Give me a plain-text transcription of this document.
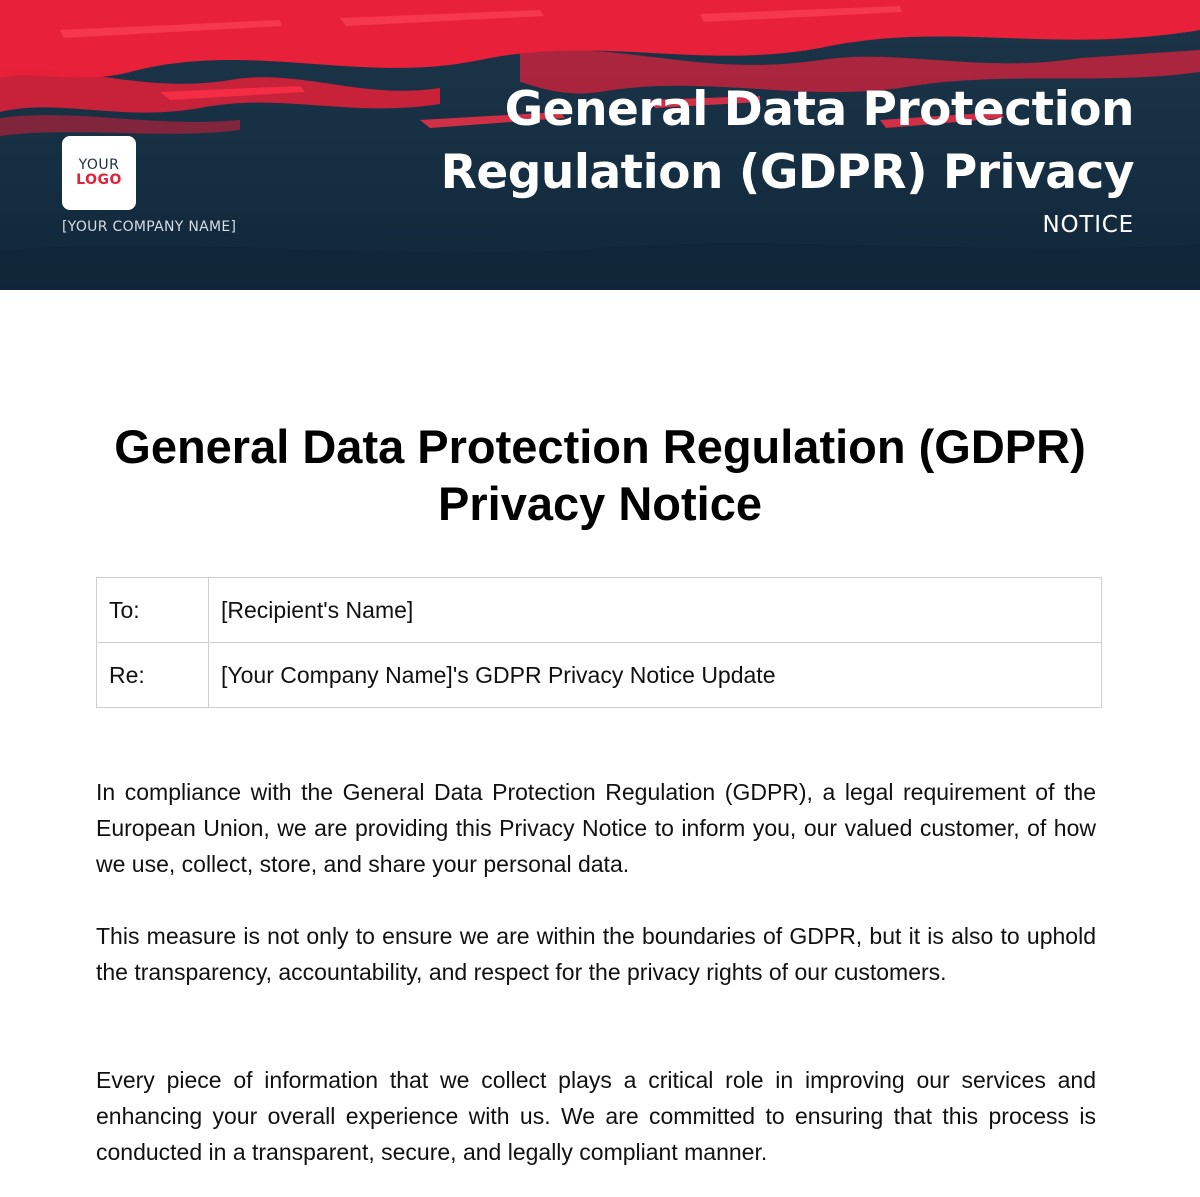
YOUR
LOGO
[YOUR COMPANY NAME]
General Data Protection Regulation (GDPR) Privacy
NOTICE
General Data Protection Regulation (GDPR) Privacy Notice
To:	[Recipient's Name]
Re:	[Your Company Name]'s GDPR Privacy Notice Update

In compliance with the General Data Protection Regulation (GDPR), a legal requirement of the European Union, we are providing this Privacy Notice to inform you, our valued customer, of how we use, collect, store, and share your personal data.

This measure is not only to ensure we are within the boundaries of GDPR, but it is also to uphold the transparency, accountability, and respect for the privacy rights of our customers.

Every piece of information that we collect plays a critical role in improving our services and enhancing your overall experience with us. We are committed to ensuring that this process is conducted in a transparent, secure, and legally compliant manner.
